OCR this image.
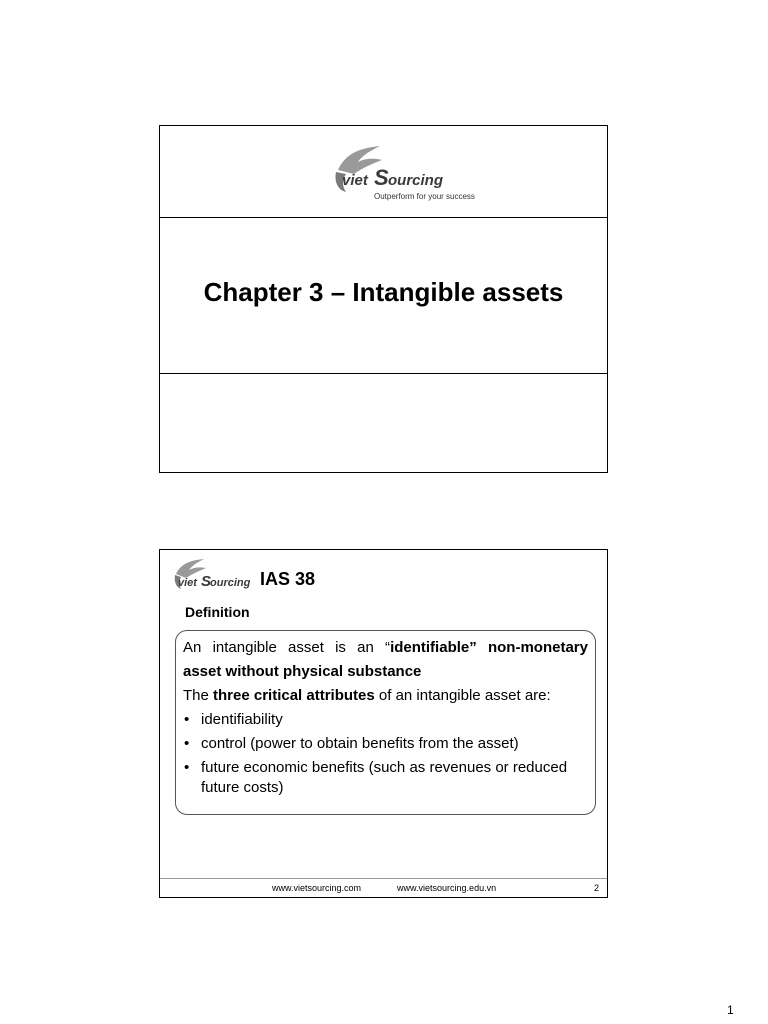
viet S ourcing
Outperform for your success
Chapter 3 – Intangible assets
viet S
ourcing IAS 38
Definition

An intangible asset is an “identifiable” non-monetary

asset without physical substance

The three critical attributes of an intangible asset are:

• identifiability
• control (power to obtain benefits from the asset)
• future economic benefits (such as revenues or reduced future costs)
www.vietsourcing.com	www.vietsourcing.edu.vn	2
1
